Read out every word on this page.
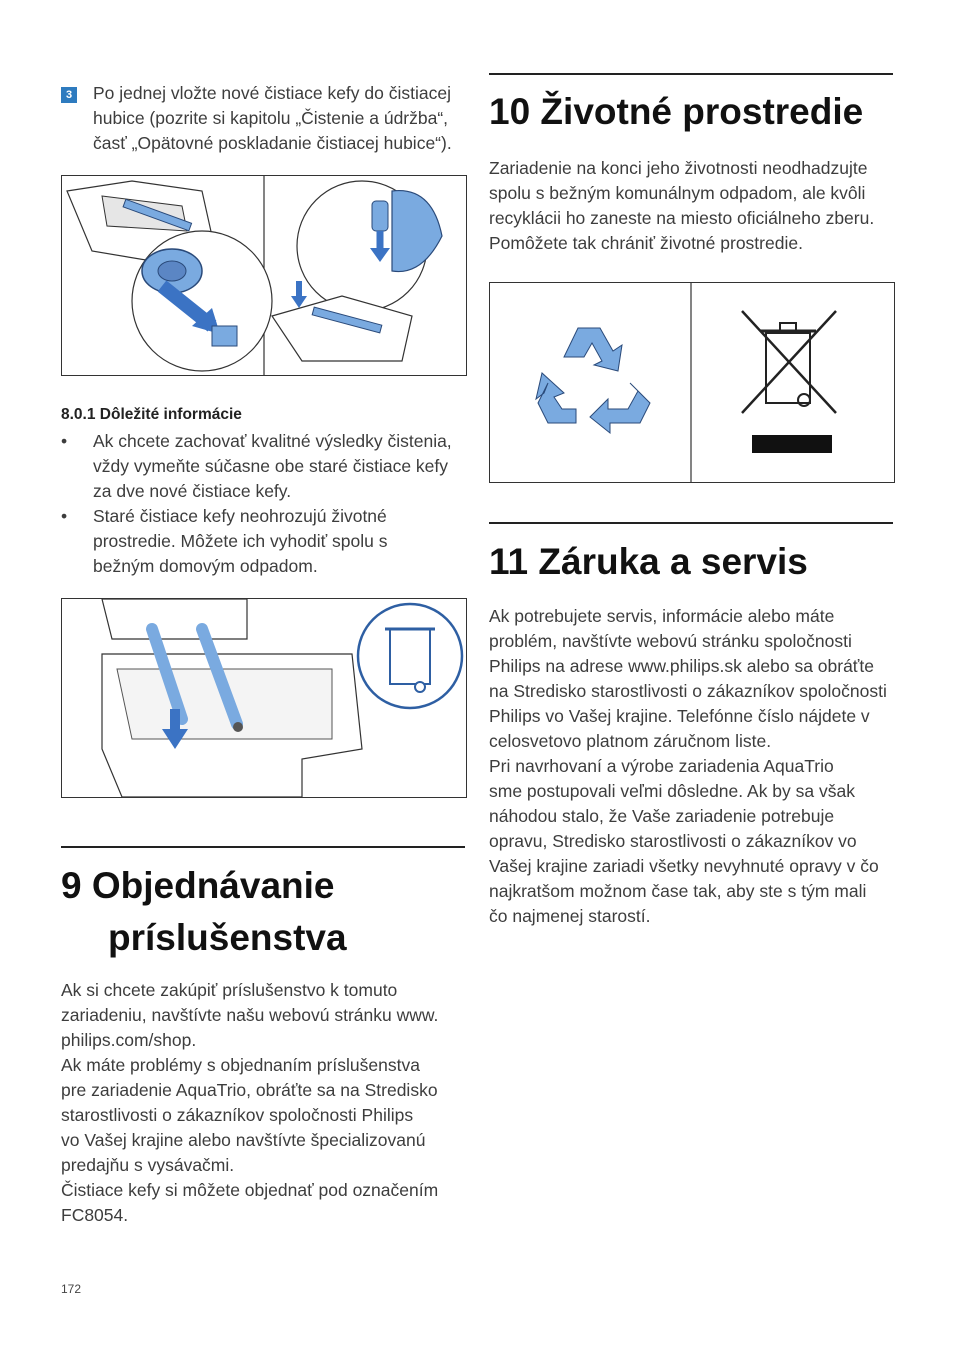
3 Po jednej vložte nové čistiace kefy do čistiacej

hubice (pozrite si kapitolu „Čistenie a údržba“,

časť „Opätovné poskladanie čistiacej hubice“).

8.0.1 Dôležité informácie

• Ak chcete zachovať kvalitné výsledky čistenia,

vždy vymeňte súčasne obe staré čistiace kefy

za dve nové čistiace kefy.

• Staré čistiace kefy neohrozujú životné

prostredie. Môžete ich vyhodiť spolu s

bežným domovým odpadom.

9 Objednávanie
príslušenstva

Ak si chcete zakúpiť príslušenstvo k tomuto

zariadeniu, navštívte našu webovú stránku www.

philips.com/shop.

Ak máte problémy s objednaním príslušenstva

pre zariadenie AquaTrio, obráťte sa na Stredisko

starostlivosti o zákazníkov spoločnosti Philips

vo Vašej krajine alebo navštívte špecializovanú

predajňu s vysávačmi.

Čistiace kefy si môžete objednať pod označením

FC8054.

172
10 Životné prostredie

Zariadenie na konci jeho životnosti neodhadzujte

spolu s bežným komunálnym odpadom, ale kvôli

recyklácii ho zaneste na miesto oficiálneho zberu.

Pomôžete tak chrániť životné prostredie.

11 Záruka a servis

Ak potrebujete servis, informácie alebo máte

problém, navštívte webovú stránku spoločnosti

Philips na adrese www.philips.sk alebo sa obráťte

na Stredisko starostlivosti o zákazníkov spoločnosti

Philips vo Vašej krajine. Telefónne číslo nájdete v

celosvetovo platnom záručnom liste.

Pri navrhovaní a výrobe zariadenia AquaTrio

sme postupovali veľmi dôsledne. Ak by sa však

náhodou stalo, že Vaše zariadenie potrebuje

opravu, Stredisko starostlivosti o zákazníkov vo

Vašej krajine zariadi všetky nevyhnuté opravy v čo

najkratšom možnom čase tak, aby ste s tým mali

čo najmenej starostí.
